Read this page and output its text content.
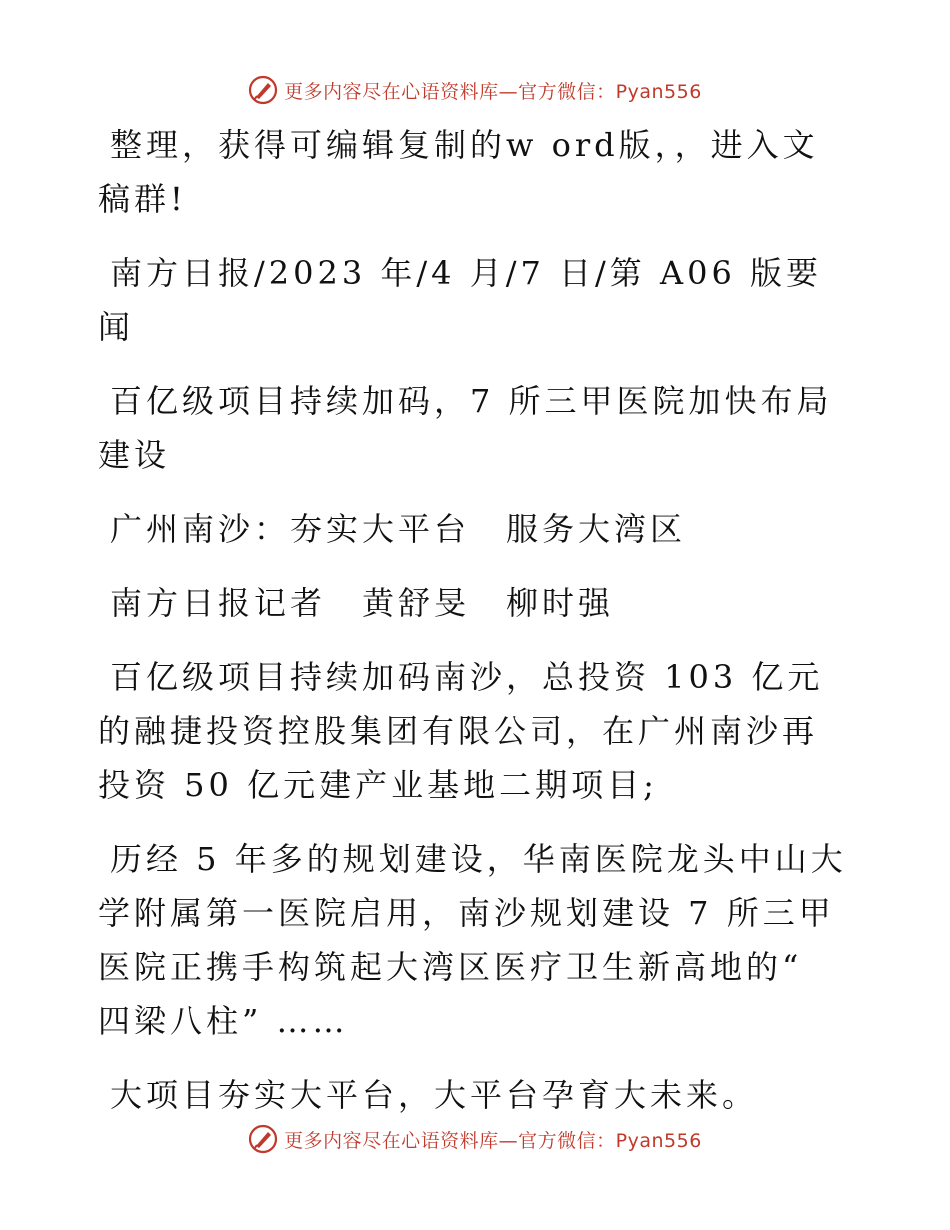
更多内容尽在心语资料库—官方微信：Pyan556

整理，获得可编辑复制的w ord版，，进入文稿群!

南方日报/2023 年/4 月/7 日/第 A06 版要闻

百亿级项目持续加码，7 所三甲医院加快布局建设

广州南沙：夯实大平台　服务大湾区

南方日报记者　黄舒旻　柳时强

百亿级项目持续加码南沙，总投资 103 亿元的融捷投资控股集团有限公司，在广州南沙再投资 50 亿元建产业基地二期项目;

历经 5 年多的规划建设，华南医院龙头中山大学附属第一医院启用，南沙规划建设 7 所三甲医院正携手构筑起大湾区医疗卫生新高地的“ 四梁八柱” ……

大项目夯实大平台，大平台孕育大未来。

更多内容尽在心语资料库—官方微信：Pyan556
